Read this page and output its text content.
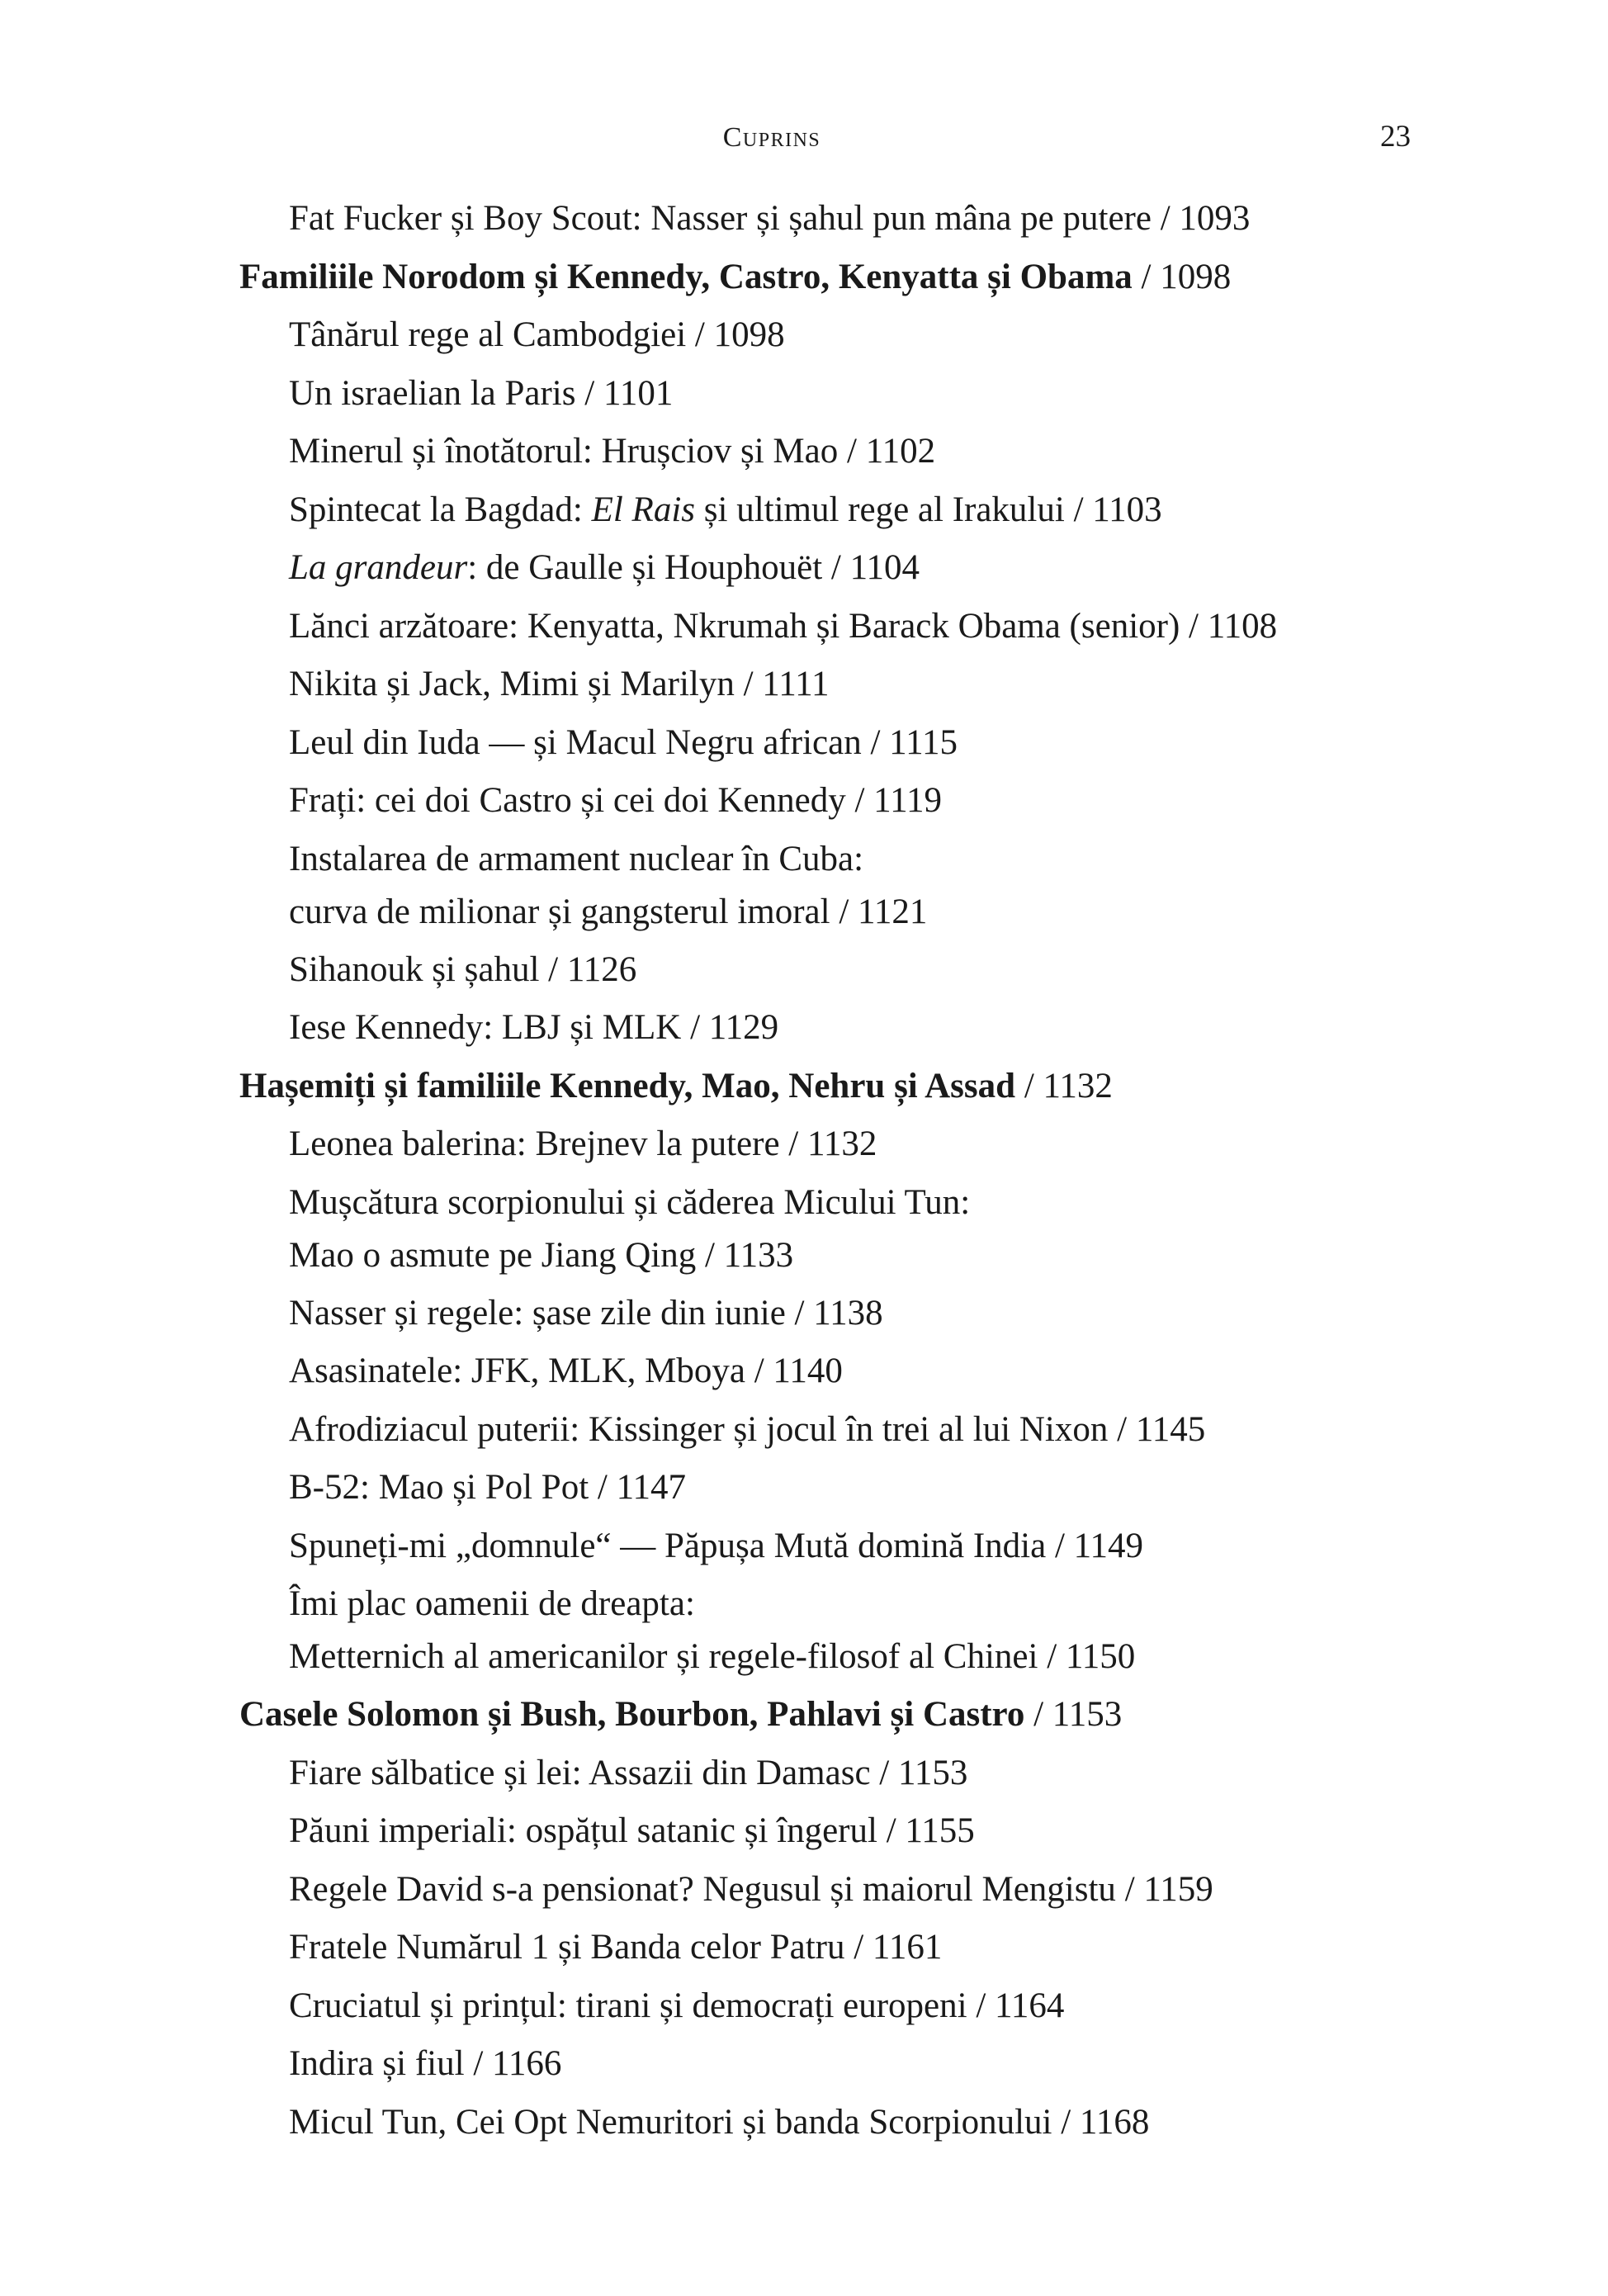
Cuprins	23
Fat Fucker și Boy Scout: Nasser și șahul pun mâna pe putere / 1093
Familiile Norodom și Kennedy, Castro, Kenyatta și Obama / 1098
Tânărul rege al Cambodgiei / 1098
Un israelian la Paris / 1101
Minerul și înotătorul: Hrușciov și Mao / 1102
Spintecat la Bagdad: El Rais și ultimul rege al Irakului / 1103
La grandeur: de Gaulle și Houphouët / 1104
Lănci arzătoare: Kenyatta, Nkrumah și Barack Obama (senior) / 1108
Nikita și Jack, Mimi și Marilyn / 1111
Leul din Iuda — și Macul Negru african / 1115
Frați: cei doi Castro și cei doi Kennedy / 1119
Instalarea de armament nuclear în Cuba:
curva de milionar și gangsterul imoral / 1121
Sihanouk și șahul / 1126
Iese Kennedy: LBJ și MLK / 1129
Hașemiți și familiile Kennedy, Mao, Nehru și Assad / 1132
Leonea balerina: Brejnev la putere / 1132
Mușcătura scorpionului și căderea Micului Tun:
Mao o asmute pe Jiang Qing / 1133
Nasser și regele: șase zile din iunie / 1138
Asasinatele: JFK, MLK, Mboya / 1140
Afrodiziacul puterii: Kissinger și jocul în trei al lui Nixon / 1145
B-52: Mao și Pol Pot / 1147
Spuneți-mi „domnule“ — Păpușa Mută domină India / 1149
Îmi plac oamenii de dreapta:
Metternich al americanilor și regele-filosof al Chinei / 1150
Casele Solomon și Bush, Bourbon, Pahlavi și Castro / 1153
Fiare sălbatice și lei: Assazii din Damasc / 1153
Păuni imperiali: ospățul satanic și îngerul / 1155
Regele David s-a pensionat? Negusul și maiorul Mengistu / 1159
Fratele Numărul 1 și Banda celor Patru / 1161
Cruciatul și prințul: tirani și democrați europeni / 1164
Indira și fiul / 1166
Micul Tun, Cei Opt Nemuritori și banda Scorpionului / 1168
